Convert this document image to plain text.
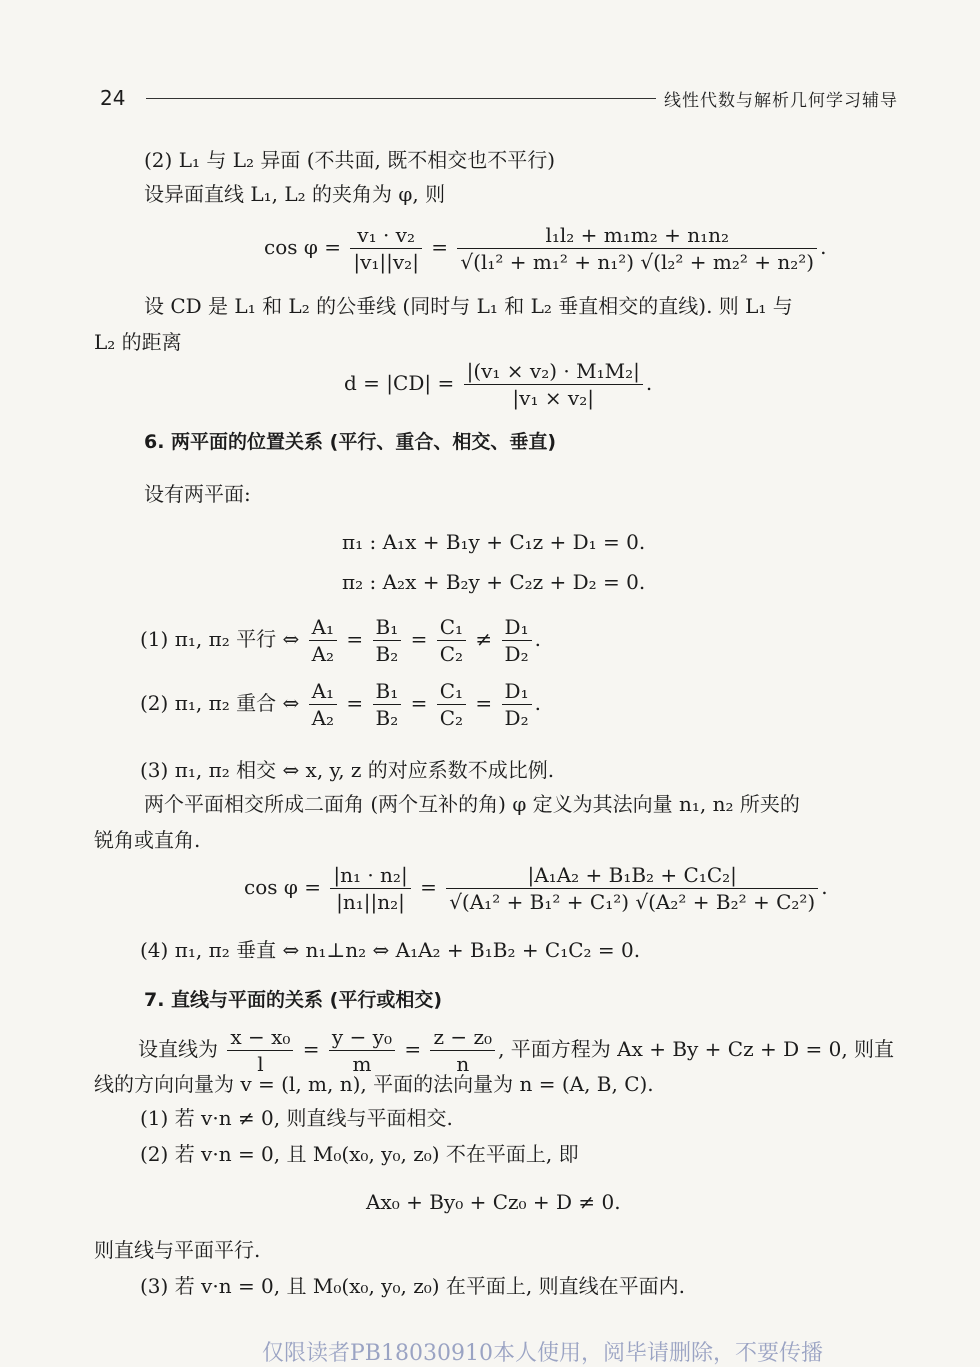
24	线性代数与解析几何学习辅导
(2) L₁ 与 L₂ 异面 (不共面, 既不相交也不平行)
设异面直线 L₁, L₂ 的夹角为 φ, 则
$\cos \varphi = \frac{\text{v₁ · v₂}}{\text{|v₁||v₂|}} = \frac{\text{l₁l₂ + m₁m₂ + n₁n₂}}{\text{√(l₁² + m₁² + n₁²) √(l₂² + m₂² + n₂²)}}$ .
设 CD 是 L₁ 和 L₂ 的公垂线 (同时与 L₁ 和 L₂ 垂直相交的直线). 则 L₁ 与
L₂ 的距离
$d = |CD| = \frac{\text{|(v₁ × v₂) · M₁M₂|}}{\text{|v₁ × v₂|}}$ .
6. 两平面的位置关系 (平行、重合、相交、垂直)
设有两平面:
π₁ : A₁x + B₁y + C₁z + D₁ = 0.
π₂ : A₂x + B₂y + C₂z + D₂ = 0.
(1) π₁, π₂ 平行 ⇔ $\frac{\text{A₁}}{\text{A₂}} = \frac{\text{B₁}}{\text{B₂}} = \frac{\text{C₁}}{\text{C₂}} \ne \frac{\text{D₁}}{\text{D₂}}$ .
(2) π₁, π₂ 重合 ⇔ $\frac{\text{A₁}}{\text{A₂}} = \frac{\text{B₁}}{\text{B₂}} = \frac{\text{C₁}}{\text{C₂}} = \frac{\text{D₁}}{\text{D₂}}$ .
(3) π₁, π₂ 相交 ⇔ x, y, z 的对应系数不成比例.
两个平面相交所成二面角 (两个互补的角) φ 定义为其法向量 n₁, n₂ 所夹的
锐角或直角.
$\cos \varphi = \frac{\text{|n₁ · n₂|}}{\text{|n₁||n₂|}} = \frac{\text{|A₁A₂ + B₁B₂ + C₁C₂|}}{\text{√(A₁² + B₁² + C₁²) √(A₂² + B₂² + C₂²)}}$ .
(4) π₁, π₂ 垂直 ⇔ n₁⊥n₂ ⇔ A₁A₂ + B₁B₂ + C₁C₂ = 0.
7. 直线与平面的关系 (平行或相交)
设直线为 $\frac{\text{x − x₀}}{l} = \frac{\text{y − y₀}}{m} = \frac{\text{z − z₀}}{n}$ , 平面方程为 Ax + By + Cz + D = 0, 则直
线的方向向量为 v = (l, m, n), 平面的法向量为 n = (A, B, C).
(1) 若 v·n ≠ 0, 则直线与平面相交.
(2) 若 v·n = 0, 且 M₀(x₀, y₀, z₀) 不在平面上, 即
Ax₀ + By₀ + Cz₀ + D ≠ 0.
则直线与平面平行.
(3) 若 v·n = 0, 且 M₀(x₀, y₀, z₀) 在平面上, 则直线在平面内.
仅限读者PB18030910本人使用，阅毕请删除，不要传播
